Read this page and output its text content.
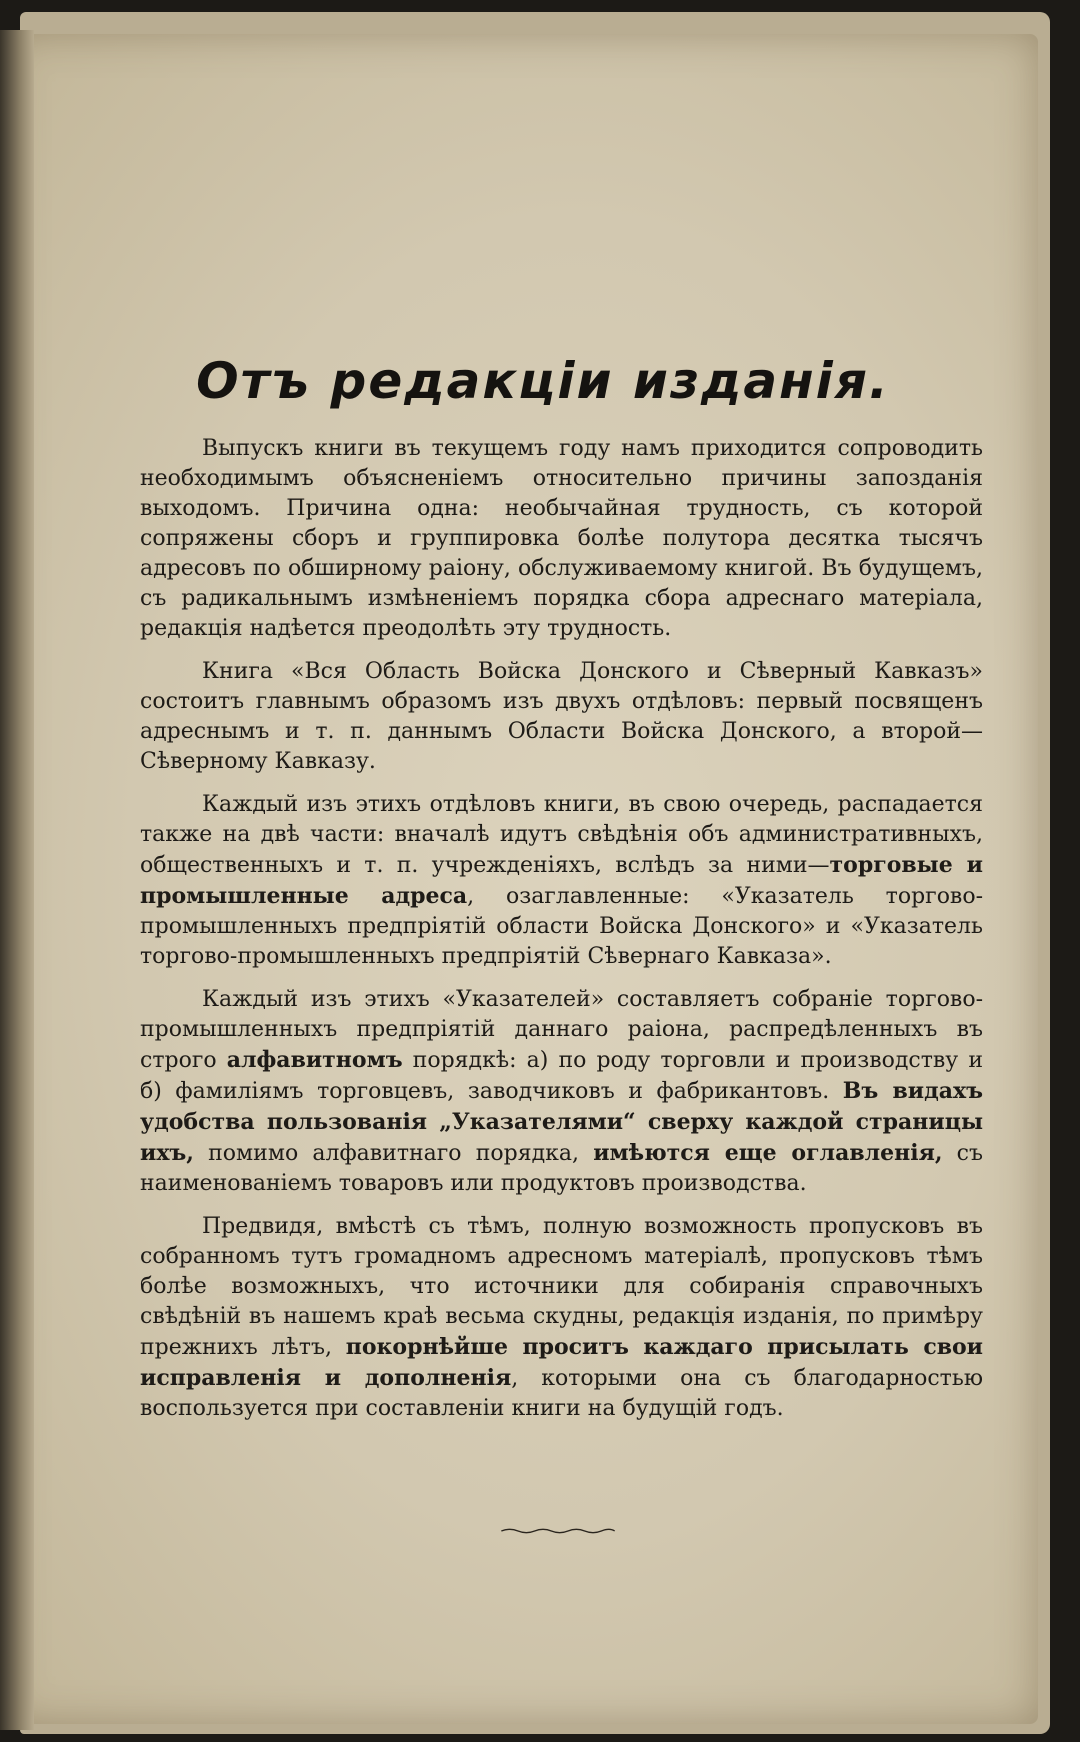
Отъ редакціи изданія.

Выпускъ книги въ текущемъ году намъ приходится сопроводить необходимымъ объясненіемъ относительно причины запозданія выходомъ. Причина одна: необычайная трудность, съ которой сопряжены сборъ и группировка болѣе полутора десятка тысячъ адресовъ по обширному раіону, обслуживаемому книгой. Въ будущемъ, съ радикальнымъ измѣненіемъ порядка сбора адреснаго матеріала, редакція надѣется преодолѣть эту трудность.

Книга «Вся Область Войска Донского и Сѣверный Кавказъ» состоитъ главнымъ образомъ изъ двухъ отдѣловъ: первый посвященъ адреснымъ и т. п. даннымъ Области Войска Донского, а второй—Сѣверному Кавказу.

Каждый изъ этихъ отдѣловъ книги, въ свою очередь, распадается также на двѣ части: вначалѣ идутъ свѣдѣнія объ административныхъ, общественныхъ и т. п. учрежденіяхъ, вслѣдъ за ними—торговые и промышленные адреса, озаглавленные: «Указатель торгово-промышленныхъ предпріятій области Войска Донского» и «Указатель торгово-промышленныхъ предпріятій Сѣвернаго Кавказа».

Каждый изъ этихъ «Указателей» составляетъ собраніе торгово-промышленныхъ предпріятій даннаго раіона, распредѣленныхъ въ строго алфавитномъ порядкѣ: а) по роду торговли и производству и б) фамиліямъ торговцевъ, заводчиковъ и фабрикантовъ. Въ видахъ удобства пользованія „Указателями“ сверху каждой страницы ихъ, помимо алфавитнаго порядка, имѣются еще оглавленія, съ наименованіемъ товаровъ или продуктовъ производства.

Предвидя, вмѣстѣ съ тѣмъ, полную возможность пропусковъ въ собранномъ тутъ громадномъ адресномъ матеріалѣ, пропусковъ тѣмъ болѣе возможныхъ, что источники для собиранія справочныхъ свѣдѣній въ нашемъ краѣ весьма скудны, редакція изданія, по примѣру прежнихъ лѣтъ, покорнѣйше проситъ каждаго присылать свои исправленія и дополненія, которыми она съ благодарностью воспользуется при составленіи книги на будущій годъ.
